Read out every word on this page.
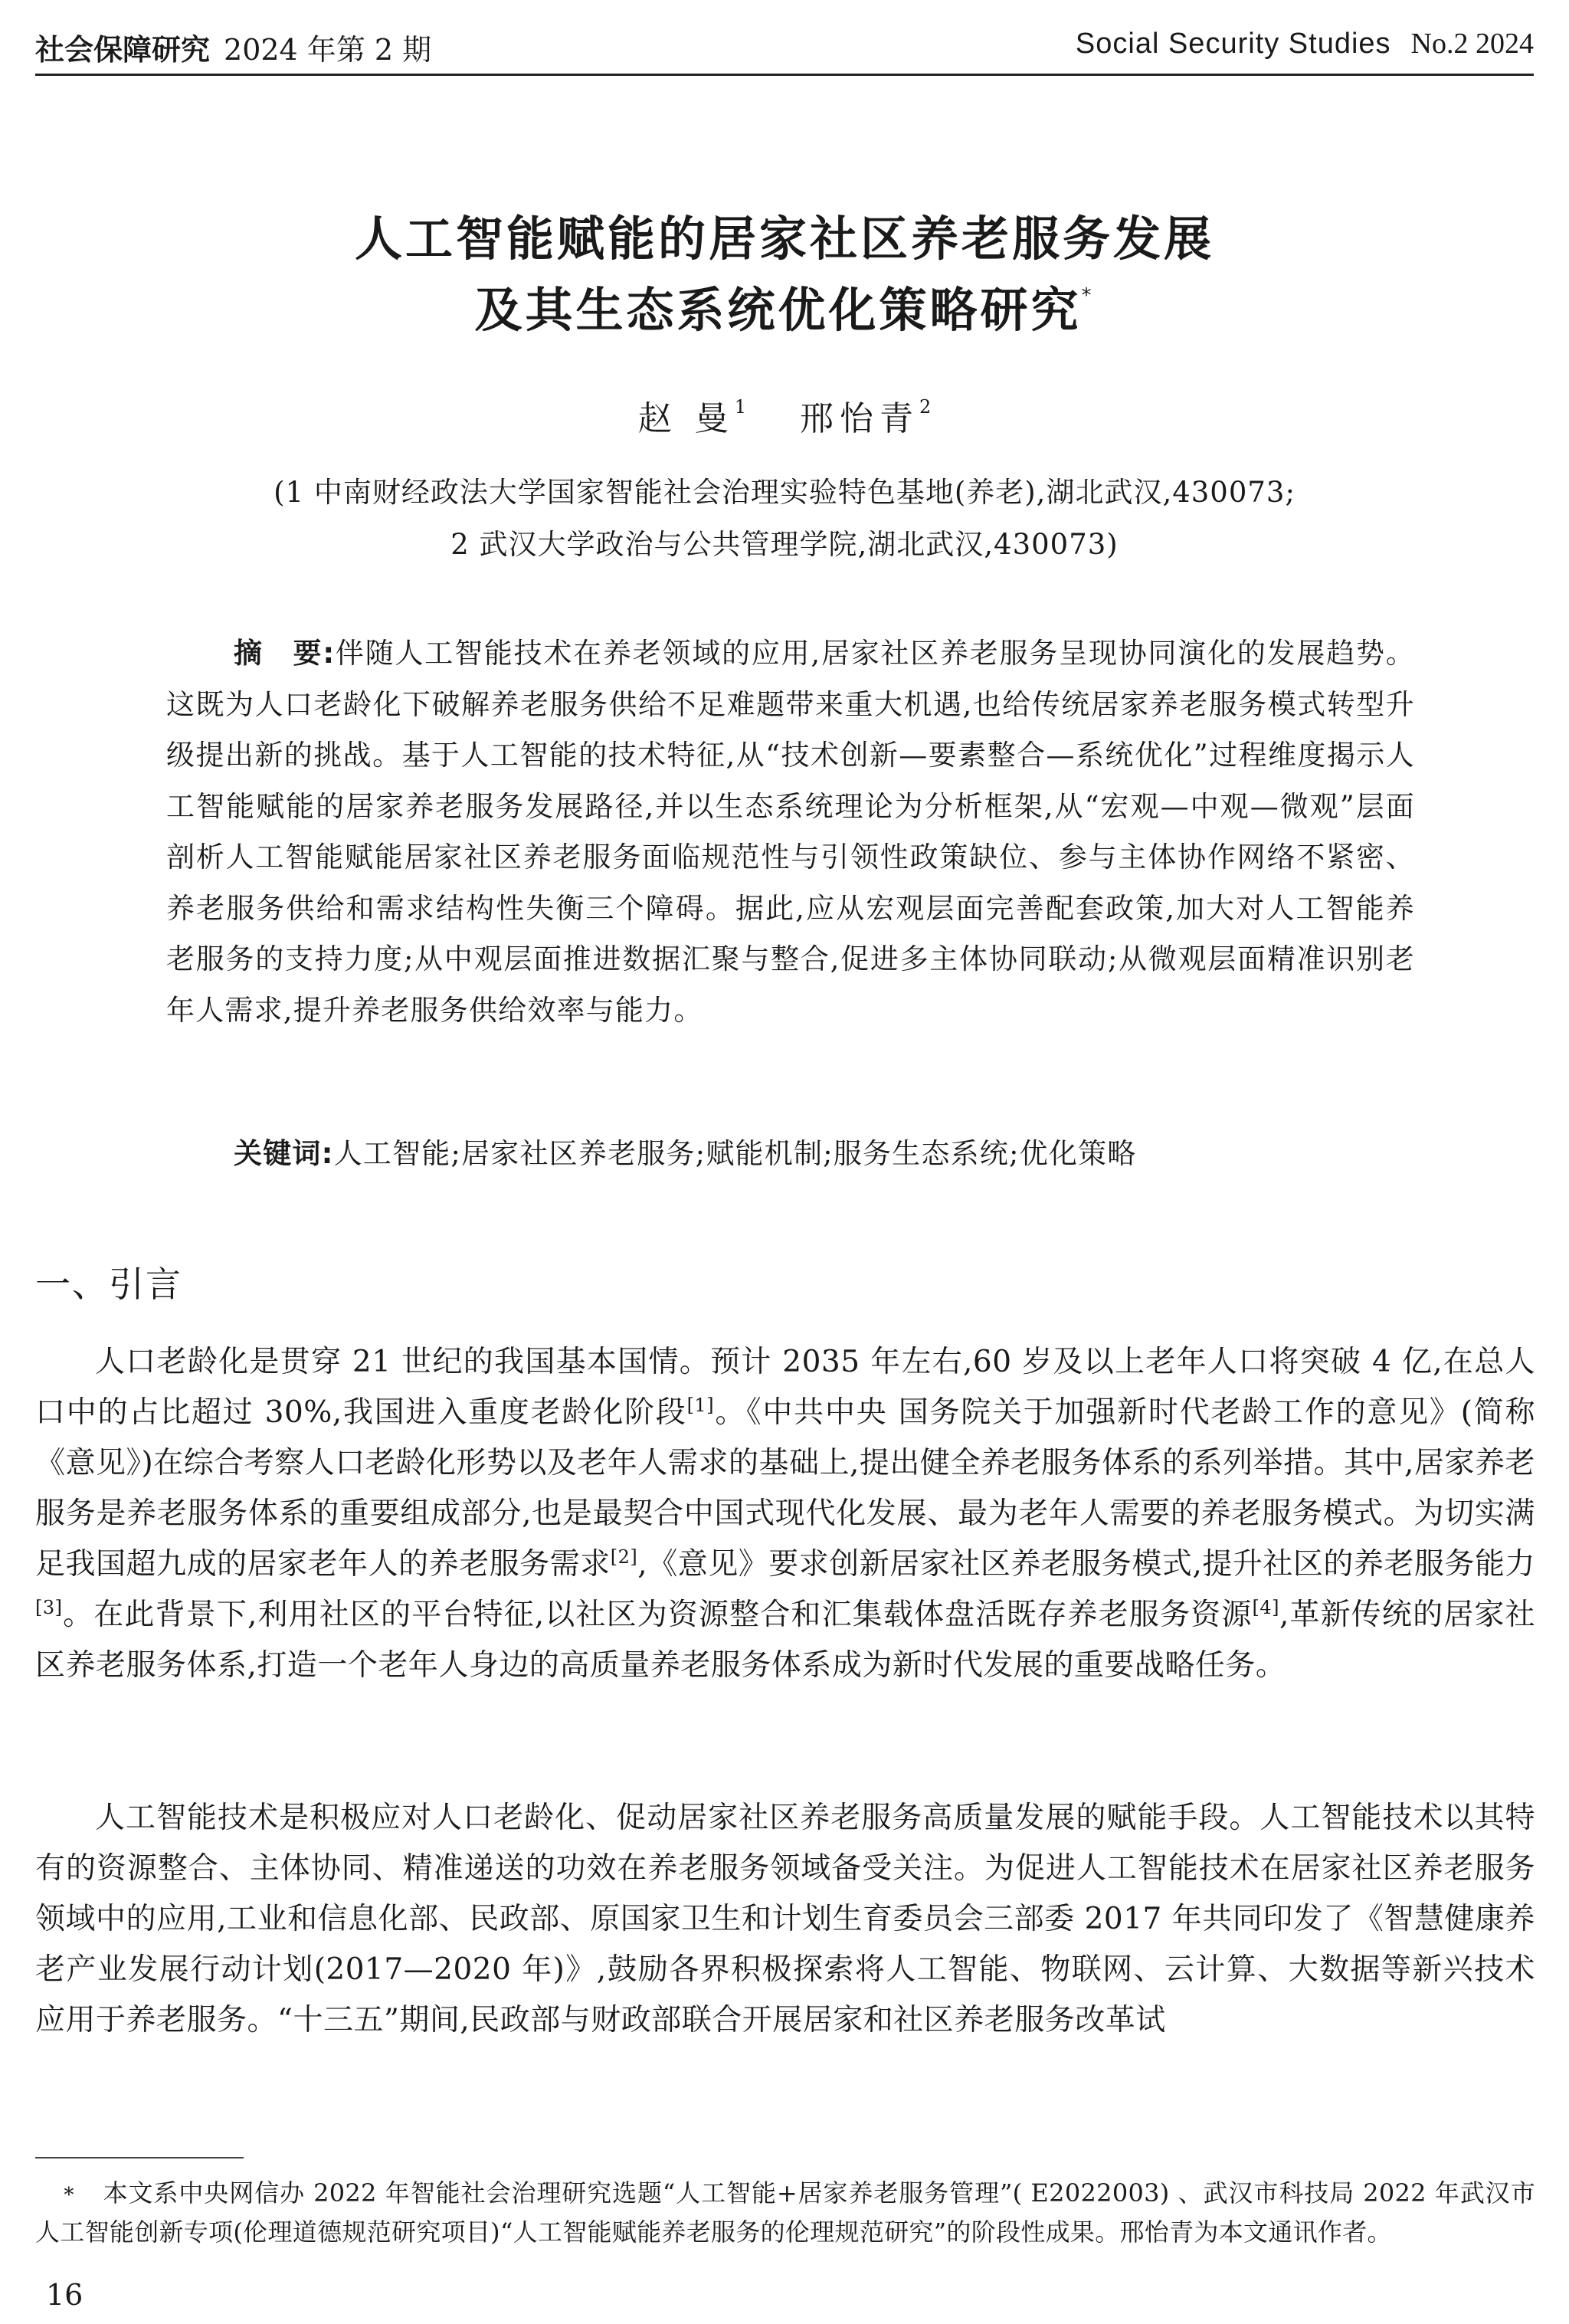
社会保障研究 2024 年第 2 期	Social Security Studies No.2 2024
人工智能赋能的居家社区养老服务发展
及其生态系统优化策略研究*
赵 曼$^1$ 邢怡青$^2$
(1 中南财经政法大学国家智能社会治理实验特色基地(养老),湖北武汉,430073;
2 武汉大学政治与公共管理学院,湖北武汉,430073)
摘　要:伴随人工智能技术在养老领域的应用,居家社区养老服务呈现协同演化的发展趋势。这既为人口老龄化下破解养老服务供给不足难题带来重大机遇,也给传统居家养老服务模式转型升级提出新的挑战。基于人工智能的技术特征,从“技术创新—要素整合—系统优化”过程维度揭示人工智能赋能的居家养老服务发展路径,并以生态系统理论为分析框架,从“宏观—中观—微观”层面剖析人工智能赋能居家社区养老服务面临规范性与引领性政策缺位、参与主体协作网络不紧密、养老服务供给和需求结构性失衡三个障碍。据此,应从宏观层面完善配套政策,加大对人工智能养老服务的支持力度;从中观层面推进数据汇聚与整合,促进多主体协同联动;从微观层面精准识别老年人需求,提升养老服务供给效率与能力。
关键词:人工智能;居家社区养老服务;赋能机制;服务生态系统;优化策略
一、引言

人口老龄化是贯穿 21 世纪的我国基本国情。预计 2035 年左右,60 岁及以上老年人口将突破 4 亿,在总人口中的占比超过 30%,我国进入重度老龄化阶段[1]。《中共中央 国务院关于加强新时代老龄工作的意见》(简称《意见》)在综合考察人口老龄化形势以及老年人需求的基础上,提出健全养老服务体系的系列举措。其中,居家养老服务是养老服务体系的重要组成部分,也是最契合中国式现代化发展、最为老年人需要的养老服务模式。为切实满足我国超九成的居家老年人的养老服务需求[2],《意见》要求创新居家社区养老服务模式,提升社区的养老服务能力[3]。在此背景下,利用社区的平台特征,以社区为资源整合和汇集载体盘活既存养老服务资源[4],革新传统的居家社区养老服务体系,打造一个老年人身边的高质量养老服务体系成为新时代发展的重要战略任务。

人工智能技术是积极应对人口老龄化、促动居家社区养老服务高质量发展的赋能手段。人工智能技术以其特有的资源整合、主体协同、精准递送的功效在养老服务领域备受关注。为促进人工智能技术在居家社区养老服务领域中的应用,工业和信息化部、民政部、原国家卫生和计划生育委员会三部委 2017 年共同印发了《智慧健康养老产业发展行动计划(2017—2020 年)》,鼓励各界积极探索将人工智能、物联网、云计算、大数据等新兴技术应用于养老服务。“十三五”期间,民政部与财政部联合开展居家和社区养老服务改革试

* 本文系中央网信办 2022 年智能社会治理研究选题“人工智能+居家养老服务管理”( E2022003) 、武汉市科技局 2022 年武汉市人工智能创新专项(伦理道德规范研究项目)“人工智能赋能养老服务的伦理规范研究”的阶段性成果。邢怡青为本文通讯作者。
16
